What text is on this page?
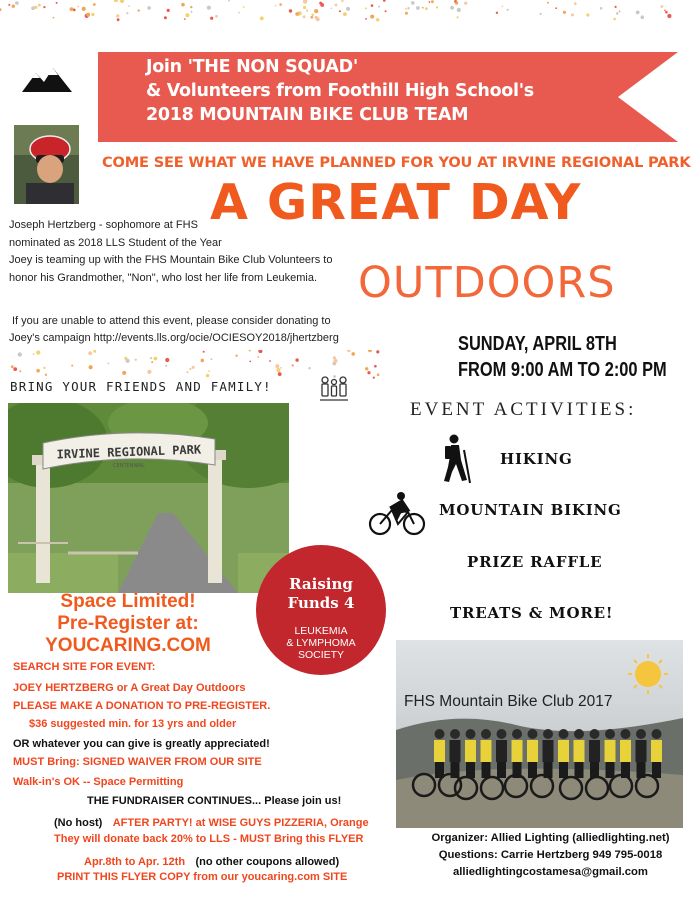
Join 'THE NON SQUAD'
& Volunteers from Foothill High School's
2018 MOUNTAIN BIKE CLUB TEAM
COME SEE WHAT WE HAVE PLANNED FOR YOU AT IRVINE REGIONAL PARK
A GREAT DAY
OUTDOORS
Joseph Hertzberg - sophomore at FHS
nominated as 2018 LLS Student of the Year
Joey is teaming up with the FHS Mountain Bike Club Volunteers to
honor his Grandmother, "Non", who lost her life from Leukemia.
If you are unable to attend this event, please consider donating to
Joey's campaign http://events.lls.org/ocie/OCIESOY2018/jhertzberg
BRING YOUR FRIENDS AND FAMILY!
SUNDAY, APRIL 8TH
FROM 9:00 AM TO 2:00 PM
EVENT ACTIVITIES:
HIKING
MOUNTAIN BIKING
PRIZE RAFFLE
TREATS & MORE!
IRVINE REGIONAL PARK
CENTENNIAL
Raising
Funds 4
LEUKEMIA
& LYMPHOMA
SOCIETY
Space Limited!
Pre-Register at:
YOUCARING.COM
SEARCH SITE FOR EVENT:
JOEY HERTZBERG or A Great Day Outdoors
PLEASE MAKE A DONATION TO PRE-REGISTER.
$36 suggested min. for 13 yrs and older
OR whatever you can give is greatly appreciated!
MUST Bring: SIGNED WAIVER FROM OUR SITE
Walk-in's OK -- Space Permitting
THE FUNDRAISER CONTINUES... Please join us!
(No host) AFTER PARTY! at WISE GUYS PIZZERIA, Orange
They will donate back 20% to LLS - MUST Bring this FLYER
Apr.8th to Apr. 12th (no other coupons allowed)
PRINT THIS FLYER COPY from our youcaring.com SITE
FHS Mountain Bike Club 2017
Organizer: Allied Lighting (alliedlighting.net)
Questions: Carrie Hertzberg 949 795-0018
alliedlightingcostamesa@gmail.com
